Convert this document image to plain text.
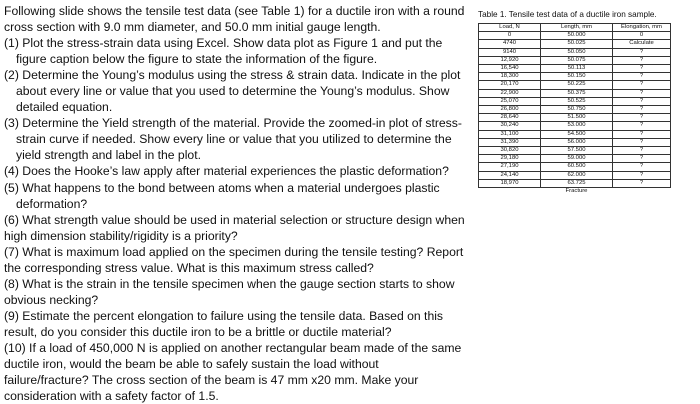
Following slide shows the tensile test data (see Table 1) for a ductile iron with a round cross section with 9.0 mm diameter, and 50.0 mm initial gauge length.

(1) Plot the stress-strain data using Excel. Show data plot as Figure 1 and put the figure caption below the figure to state the information of the figure.

(2) Determine the Young’s modulus using the stress & strain data. Indicate in the plot about every line or value that you used to determine the Young’s modulus. Show detailed equation.

(3) Determine the Yield strength of the material. Provide the zoomed-in plot of stress-strain curve if needed. Show every line or value that you utilized to determine the yield strength and label in the plot.

(4) Does the Hooke’s law apply after material experiences the plastic deformation?

(5) What happens to the bond between atoms when a material undergoes plastic deformation?

(6) What strength value should be used in material selection or structure design when high dimension stability/rigidity is a priority?

(7) What is maximum load applied on the specimen during the tensile testing? Report the corresponding stress value. What is this maximum stress called?

(8) What is the strain in the tensile specimen when the gauge section starts to show obvious necking?

(9) Estimate the percent elongation to failure using the tensile data. Based on this result, do you consider this ductile iron to be a brittle or ductile material?

(10) If a load of 450,000 N is applied on another rectangular beam made of the same ductile iron, would the beam be able to safely sustain the load without failure/fracture? The cross section of the beam is 47 mm x20 mm. Make your consideration with a safety factor of 1.5.

Table 1. Tensile test data of a ductile iron sample.
Load, N	Length, mm	Elongation, mm
0	50.000	0
4740	50.025	Calculate
9140	50.050	?
12,920	50.075	?
16,540	50.113	?
18,300	50.150	?
20,170	50.225	?
22,900	50.375	?
25,070	50.525	?
26,800	50.750	?
28,640	51.500	?
30,240	53.000	?
31,100	54.500	?
31,390	56.000	?
30,820	57.500	?
29,180	59.000	?
27,190	60.500	?
24,140	62.000	?
18,970	63.725	?
	Fracture	
